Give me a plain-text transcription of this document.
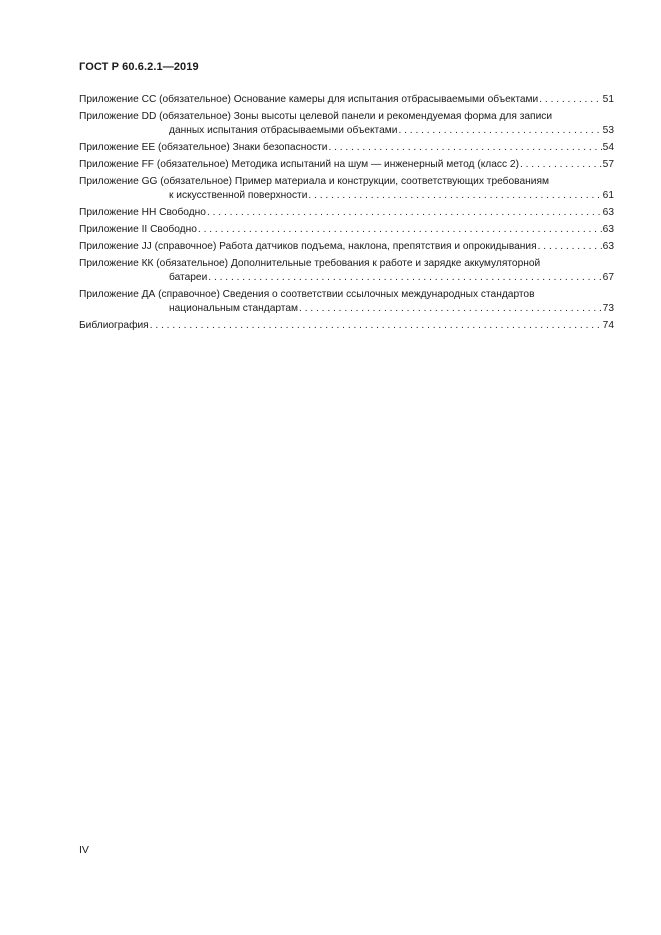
ГОСТ Р 60.6.2.1—2019
Приложение CC (обязательное) Основание камеры для испытания отбрасываемыми объектами . . .	51
Приложение DD (обязательное) Зоны высоты целевой панели и рекомендуемая форма для записи
данных испытания отбрасываемыми объектами . . .	53
Приложение EE (обязательное) Знаки безопасности . . .	54
Приложение FF (обязательное) Методика испытаний на шум — инженерный метод (класс 2) . . .	57
Приложение GG (обязательное) Пример материала и конструкции, соответствующих требованиям
к искусственной поверхности . . .	61
Приложение НН Свободно . . .	63
Приложение II Свободно . . .	63
Приложение JJ (справочное) Работа датчиков подъема, наклона, препятствия и опрокидывания . . .	63
Приложение КК (обязательное) Дополнительные требования к работе и зарядке аккумуляторной
батареи . . .	67
Приложение ДА (справочное) Сведения о соответствии ссылочных международных стандартов
национальным стандартам . . .	73
Библиография . . .	74
IV
